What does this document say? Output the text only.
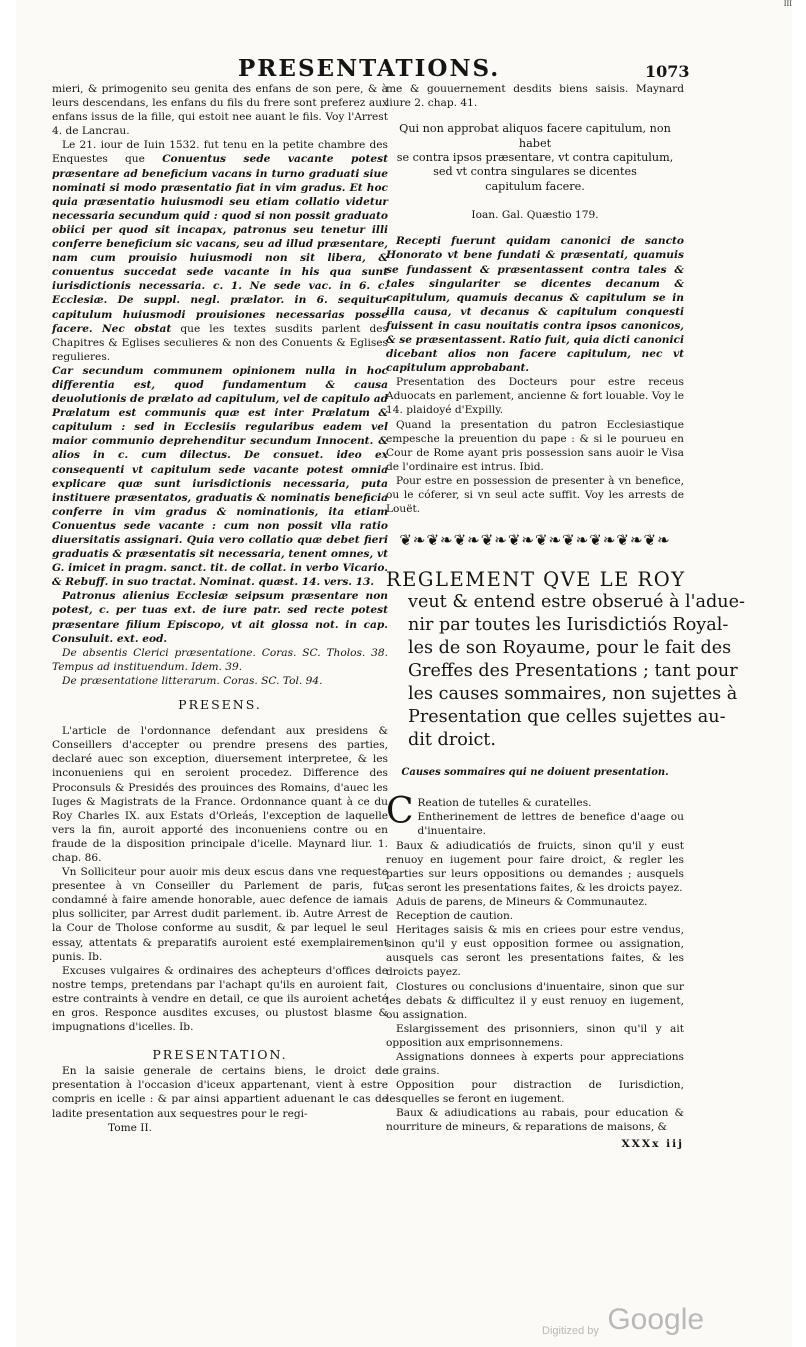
III
PRESENTATIONS.	1073

mieri, & primogenito seu genita des enfans de son pere, & à leurs descendans, les enfans du fils du frere sont preferez aux enfans issus de la fille, qui estoit nee auant le fils. Voy l'Arrest 4. de Lancrau.

Le 21. iour de Iuin 1532. fut tenu en la petite chambre des Enquestes que Conuentus sede vacante potest præsentare ad beneficium vacans in turno graduati siue nominati si modo præsentatio fiat in vim gradus. Et hoc quia præsentatio huiusmodi seu etiam collatio videtur necessaria secundum quid : quod si non possit graduato obiici per quod sit incapax, patronus seu tenetur illi conferre beneficium sic vacans, seu ad illud præsentare, nam cum prouisio huiusmodi non sit libera, & conuentus succedat sede vacante in his qua sunt iurisdictionis necessaria. c. 1. Ne sede vac. in 6. c. Ecclesiæ. De suppl. negl. prælator. in 6. sequitur capitulum huiusmodi prouisiones necessarias posse facere. Nec obstat que les textes susdits parlent des Chapitres & Eglises seculieres & non des Conuents & Eglises regulieres.

Car secundum communem opinionem nulla in hoc differentia est, quod fundamentum & causa deuolutionis de prælato ad capitulum, vel de capitulo ad Prælatum est communis quæ est inter Prælatum & capitulum : sed in Ecclesiis regularibus eadem vel maior communio deprehenditur secundum Innocent. & alios in c. cum dilectus. De consuet. ideo ex consequenti vt capitulum sede vacante potest omnia explicare quæ sunt iurisdictionis necessaria, puta instituere præsentatos, graduatis & nominatis beneficia conferre in vim gradus & nominationis, ita etiam Conuentus sede vacante : cum non possit vlla ratio diuersitatis assignari. Quia vero collatio quæ debet fieri graduatis & præsentatis sit necessaria, tenent omnes, vt G. imicet in pragm. sanct. tit. de collat. in verbo Vicario. & Rebuff. in suo tractat. Nominat. quæst. 14. vers. 13.

Patronus alienius Ecclesiæ seipsum præsentare non potest, c. per tuas ext. de iure patr. sed recte potest præsentare filium Episcopo, vt ait glossa not. in cap. Consuluit. ext. eod.

De absentis Clerici præsentatione. Coras. SC. Tholos. 38. Tempus ad instituendum. Idem. 39.

De præsentatione litterarum. Coras. SC. Tol. 94.

PRESENS.

L'article de l'ordonnance defendant aux presidens & Conseillers d'accepter ou prendre presens des parties, declaré auec son exception, diuersement interpretee, & les inconueniens qui en seroient procedez. Difference des Proconsuls & Presidés des prouinces des Romains, d'auec les Iuges & Magistrats de la France. Ordonnance quant à ce du Roy Charles IX. aux Estats d'Orleás, l'exception de laquelle vers la fin, auroit apporté des inconueniens contre ou en fraude de la disposition principale d'icelle. Maynard liur. 1. chap. 86.

Vn Solliciteur pour auoir mis deux escus dans vne requeste presentee à vn Conseiller du Parlement de paris, fut condamné à faire amende honorable, auec defence de iamais plus solliciter, par Arrest dudit parlement. ib. Autre Arrest de la Cour de Tholose conforme au susdit, & par lequel le seul essay, attentats & preparatifs auroient esté exemplairement punis. Ib.

Excuses vulgaires & ordinaires des achepteurs d'offices de nostre temps, pretendans par l'achapt qu'ils en auroient fait, estre contraints à vendre en detail, ce que ils auroient acheté en gros. Responce ausdites excuses, ou plustost blasme & impugnations d'icelles. Ib.

PRESENTATION.

En la saisie generale de certains biens, le droict de presentation à l'occasion d'iceux appartenant, vient à estre compris en icelle : & par ainsi appartient aduenant le cas de ladite presentation aux sequestres pour le regi-

Tome II.

me & gouuernement desdits biens saisis. Maynard liure 2. chap. 41.

Qui non approbat aliquos facere capitulum, non habet
se contra ipsos præsentare, vt contra capitulum,
sed vt contra singulares se dicentes
capitulum facere.
Ioan. Gal. Quæstio 179.

Recepti fuerunt quidam canonici de sancto Honorato vt bene fundati & præsentati, quamuis se fundassent & præsentassent contra tales & tales singulariter se dicentes decanum & capitulum, quamuis decanus & capitulum se in illa causa, vt decanus & capitulum conquesti fuissent in casu nouitatis contra ipsos canonicos, & se præsentassent. Ratio fuit, quia dicti canonici dicebant alios non facere capitulum, nec vt capitulum approbabant.

Presentation des Docteurs pour estre receus Aduocats en parlement, ancienne & fort louable. Voy le 14. plaidoyé d'Expilly.

Quand la presentation du patron Ecclesiastique empesche la preuention du pape : & si le pourueu en Cour de Rome ayant pris possession sans auoir le Visa de l'ordinaire est intrus. Ibid.

Pour estre en possession de presenter à vn benefice, ou le cóferer, si vn seul acte suffit. Voy les arrests de Louët.

❦❧❦❧❦❧❦❧❦❧❦❧❦❧❦❧❦❧❦❧
REGLEMENT QVE LE ROY
veut & entend estre obserué à l'adue-
nir par toutes les Iurisdictiós Royal-
les de son Royaume, pour le fait des
Greffes des Presentations ; tant pour
les causes sommaires, non sujettes à
Presentation que celles sujettes au-
dit droict.
Causes sommaires qui ne doiuent presentation.

C Reation de tutelles & curatelles.

Entherinement de lettres de benefice d'aage ou d'inuentaire.

Baux & adiudicatiós de fruicts, sinon qu'il y eust renuoy en iugement pour faire droict, & regler les parties sur leurs oppositions ou demandes ; ausquels cas seront les presentations faites, & les droicts payez.

Aduis de parens, de Mineurs & Communautez.

Reception de caution.

Heritages saisis & mis en criees pour estre vendus, sinon qu'il y eust opposition formee ou assignation, ausquels cas seront les presentations faites, & les droicts payez.

Clostures ou conclusions d'inuentaire, sinon que sur les debats & difficultez il y eust renuoy en iugement, ou assignation.

Eslargissement des prisonniers, sinon qu'il y ait opposition aux emprisonnemens.

Assignations donnees à experts pour appreciations de grains.

Opposition pour distraction de Iurisdiction, lesquelles se feront en iugement.

Baux & adiudications au rabais, pour education & nourriture de mineurs, & reparations de maisons, &

XXXx iij
Digitized by Google
